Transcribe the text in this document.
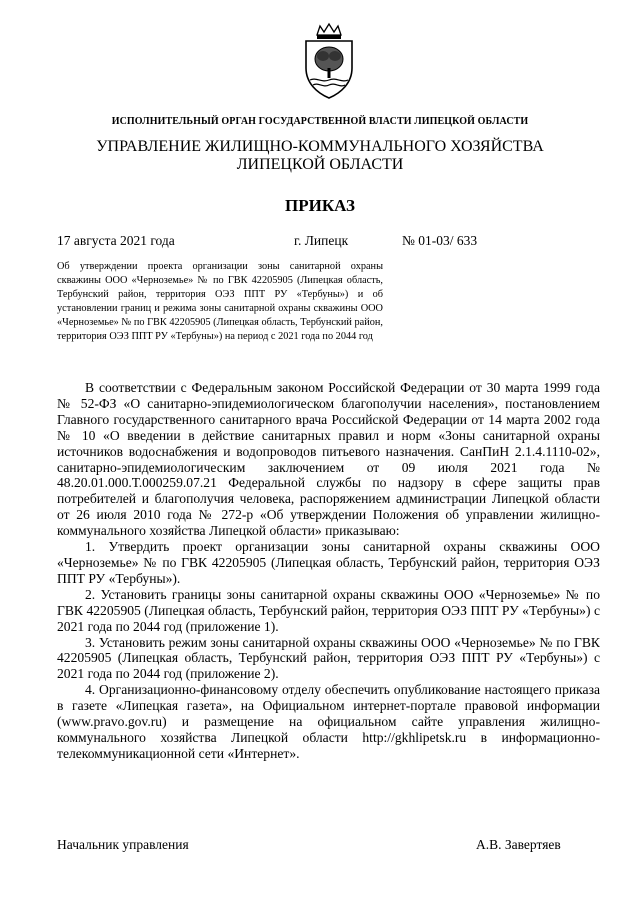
ИСПОЛНИТЕЛЬНЫЙ ОРГАН ГОСУДАРСТВЕННОЙ ВЛАСТИ ЛИПЕЦКОЙ ОБЛАСТИ
УПРАВЛЕНИЕ ЖИЛИЩНО-КОММУНАЛЬНОГО ХОЗЯЙСТВА
ЛИПЕЦКОЙ ОБЛАСТИ
ПРИКАЗ
17 августа 2021 года	г. Липецк	№ 01-03/ 633
Об утверждении проекта организации зоны санитарной охраны скважины ООО «Черноземье» № по ГВК 42205905 (Липецкая область, Тербунский район, территория ОЭЗ ППТ РУ «Тербуны») и об установлении границ и режима зоны санитарной охраны скважины ООО «Черноземье» № по ГВК 42205905 (Липецкая область, Тербунский район, территория ОЭЗ ППТ РУ «Тербуны») на период с 2021 года по 2044 год

В соответствии с Федеральным законом Российской Федерации от 30 марта 1999 года № 52-ФЗ «О санитарно-эпидемиологическом благополучии населения», постановлением Главного государственного санитарного врача Российской Федерации от 14 марта 2002 года № 10 «О введении в действие санитарных правил и норм «Зоны санитарной охраны источников водоснабжения и водопроводов питьевого назначения. СанПиН 2.1.4.1110-02», санитарно-эпидемиологическим заключением от 09 июля 2021 года № 48.20.01.000.Т.000259.07.21 Федеральной службы по надзору в сфере защиты прав потребителей и благополучия человека, распоряжением администрации Липецкой области от 26 июля 2010 года № 272-р «Об утверждении Положения об управлении жилищно-коммунального хозяйства Липецкой области» приказываю:

1. Утвердить проект организации зоны санитарной охраны скважины ООО «Черноземье» № по ГВК 42205905 (Липецкая область, Тербунский район, территория ОЭЗ ППТ РУ «Тербуны»).

2. Установить границы зоны санитарной охраны скважины ООО «Черноземье» № по ГВК 42205905 (Липецкая область, Тербунский район, территория ОЭЗ ППТ РУ «Тербуны») с 2021 года по 2044 год (приложение 1).

3. Установить режим зоны санитарной охраны скважины ООО «Черноземье» № по ГВК 42205905 (Липецкая область, Тербунский район, территория ОЭЗ ППТ РУ «Тербуны») с 2021 года по 2044 год (приложение 2).

4. Организационно-финансовому отделу обеспечить опубликование настоящего приказа в газете «Липецкая газета», на Официальном интернет-портале правовой информации (www.pravo.gov.ru) и размещение на официальном сайте управления жилищно-коммунального хозяйства Липецкой области http://gkhlipetsk.ru в информационно-телекоммуникационной сети «Интернет».

Начальник управления	А.В. Завертяев
